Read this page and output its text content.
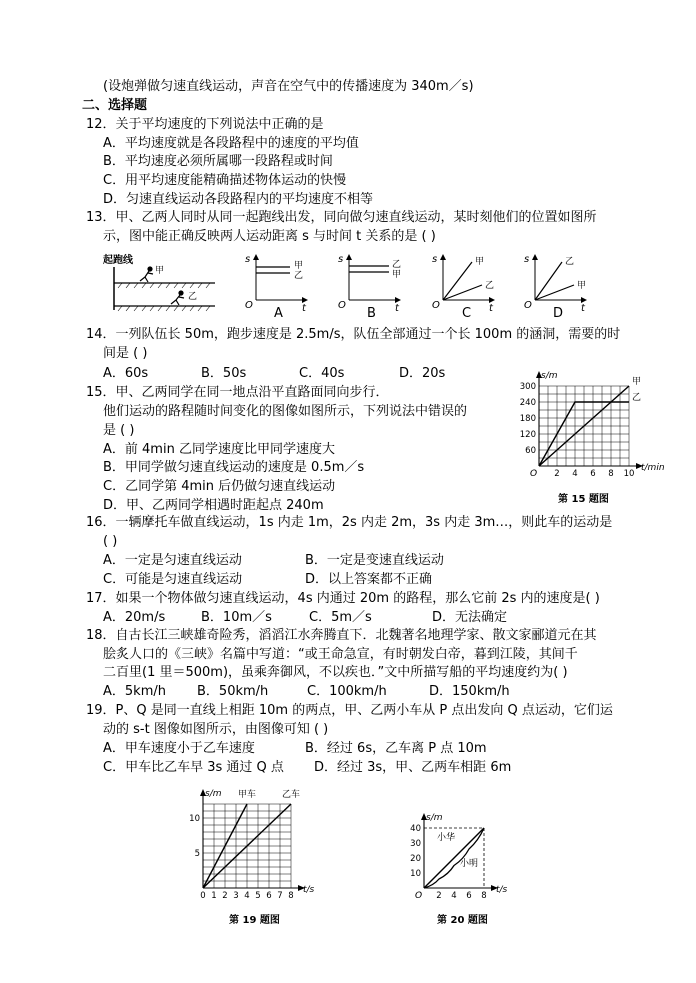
(设炮弹做匀速直线运动，声音在空气中的传播速度为 340m／s)
二、选择题
12．关于平均速度的下列说法中正确的是
A．平均速度就是各段路程中的速度的平均值
B．平均速度必须所属哪一段路程或时间
C．用平均速度能精确描述物体运动的快慢
D．匀速直线运动各段路程内的平均速度不相等
13．甲、乙两人同时从同一起跑线出发，同向做匀速直线运动，某时刻他们的位置如图所
示，图中能正确反映两人运动距离 s 与时间 t 关系的是 ( )
起跑线
甲
乙
s
O	t
甲
乙
A
s
O	t
乙
甲
B
s
O	t
甲
乙
C
s
O	t
乙
甲
D
14．一列队伍长 50m，跑步速度是 2.5m/s，队伍全部通过一个长 100m 的涵洞，需要的时
间是 ( )
A．60s	B．50s	C．40s	D．20s
15．甲、乙两同学在同一地点沿平直路面同向步行．
他们运动的路程随时间变化的图像如图所示，下列说法中错误的
是 ( )
A．前 4min 乙同学速度比甲同学速度大
B．甲同学做匀速直线运动的速度是 0.5m／s
C．乙同学第 4min 后仍做匀速直线运动
D．甲、乙两同学相遇时距起点 240m
s/m
t/min
O 2 4 6 8 10
60
120
180
240
300	甲
乙
第 15 题图
16．一辆摩托车做直线运动，1s 内走 1m，2s 内走 2m，3s 内走 3m…，则此车的运动是
( )
A．一定是匀速直线运动	B．一定是变速直线运动
C．可能是匀速直线运动	D．以上答案都不正确
17．如果一个物体做匀速直线运动，4s 内通过 20m 的路程，那么它前 2s 内的速度是( )
A．20m/s	B．10m／s	C．5m／s	D．无法确定
18．自古长江三峡雄奇险秀，滔滔江水奔腾直下．北魏著名地理学家、散文家郦道元在其
脍炙人口的《三峡》名篇中写道：“或王命急宣，有时朝发白帝，暮到江陵，其间千
二百里(1 里＝500m)，虽乘奔御风，不以疾也．”文中所描写船的平均速度约为( )
A．5km/h B．50km/h	C．100km/h	D．150km/h
19．P、Q 是同一直线上相距 10m 的两点，甲、乙两小车从 P 点出发向 Q 点运动，它们运
动的 s-t 图像如图所示，由图像可知 ( )
A．甲车速度小于乙车速度	B．经过 6s，乙车离 P 点 10m
C．甲车比乙车早 3s 通过 Q 点 D．经过 3s，甲、乙两车相距 6m
s/m
t/s
0 1 2 3 4 5 6 7 8
5
10
甲车	乙车
第 19 题图
s/m
t/s
O 2 4 6 8
10
20
30
40
小华
小明
第 20 题图
